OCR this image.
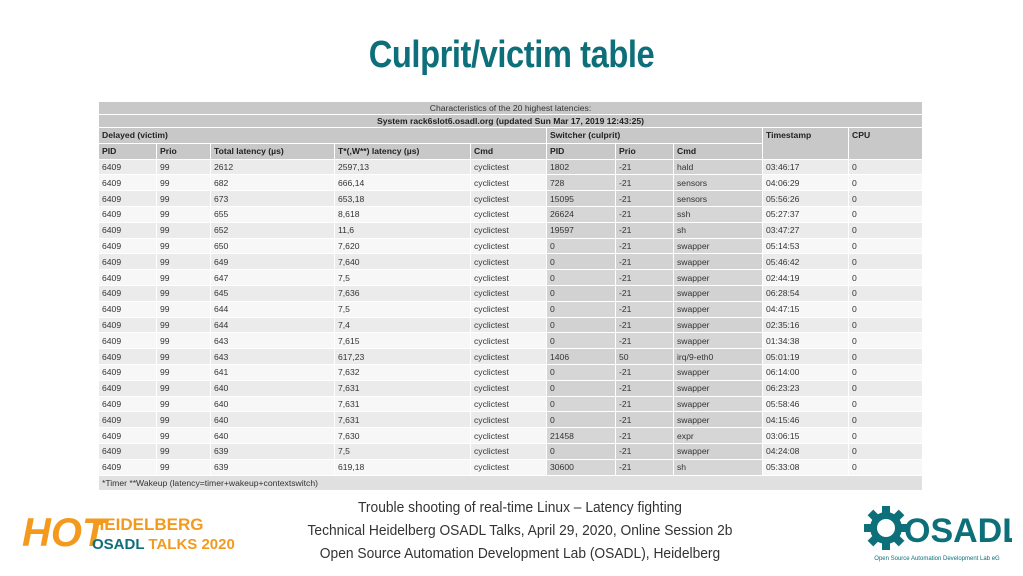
Culprit/victim table
Characteristics of the 20 highest latencies:									
System rack6slot6.osadl.org (updated Sun Mar 17, 2019 12:43:25)									
Delayed (victim)					Switcher (culprit)			Timestamp	CPU
PID	Prio	Total latency (µs)	T*(,W**) latency (µs)	Cmd	PID	Prio	Cmd		
6409	99	2612	2597,13	cyclictest	1802	-21	hald	03:46:17	0
6409	99	682	666,14	cyclictest	728	-21	sensors	04:06:29	0
6409	99	673	653,18	cyclictest	15095	-21	sensors	05:56:26	0
6409	99	655	8,618	cyclictest	26624	-21	ssh	05:27:37	0
6409	99	652	11,6	cyclictest	19597	-21	sh	03:47:27	0
6409	99	650	7,620	cyclictest	0	-21	swapper	05:14:53	0
6409	99	649	7,640	cyclictest	0	-21	swapper	05:46:42	0
6409	99	647	7,5	cyclictest	0	-21	swapper	02:44:19	0
6409	99	645	7,636	cyclictest	0	-21	swapper	06:28:54	0
6409	99	644	7,5	cyclictest	0	-21	swapper	04:47:15	0
6409	99	644	7,4	cyclictest	0	-21	swapper	02:35:16	0
6409	99	643	7,615	cyclictest	0	-21	swapper	01:34:38	0
6409	99	643	617,23	cyclictest	1406	50	irq/9-eth0	05:01:19	0
6409	99	641	7,632	cyclictest	0	-21	swapper	06:14:00	0
6409	99	640	7,631	cyclictest	0	-21	swapper	06:23:23	0
6409	99	640	7,631	cyclictest	0	-21	swapper	05:58:46	0
6409	99	640	7,631	cyclictest	0	-21	swapper	04:15:46	0
6409	99	640	7,630	cyclictest	21458	-21	expr	03:06:15	0
6409	99	639	7,5	cyclictest	0	-21	swapper	04:24:08	0
6409	99	639	619,18	cyclictest	30600	-21	sh	05:33:08	0
*Timer **Wakeup (latency=timer+wakeup+contextswitch)									
HOT
HEIDELBERG
OSADL TALKS 2020
Trouble shooting of real-time Linux – Latency fighting
Technical Heidelberg OSADL Talks, April 29, 2020, Online Session 2b
Open Source Automation Development Lab (OSADL), Heidelberg
OSADL
Open Source Automation Development Lab eG
